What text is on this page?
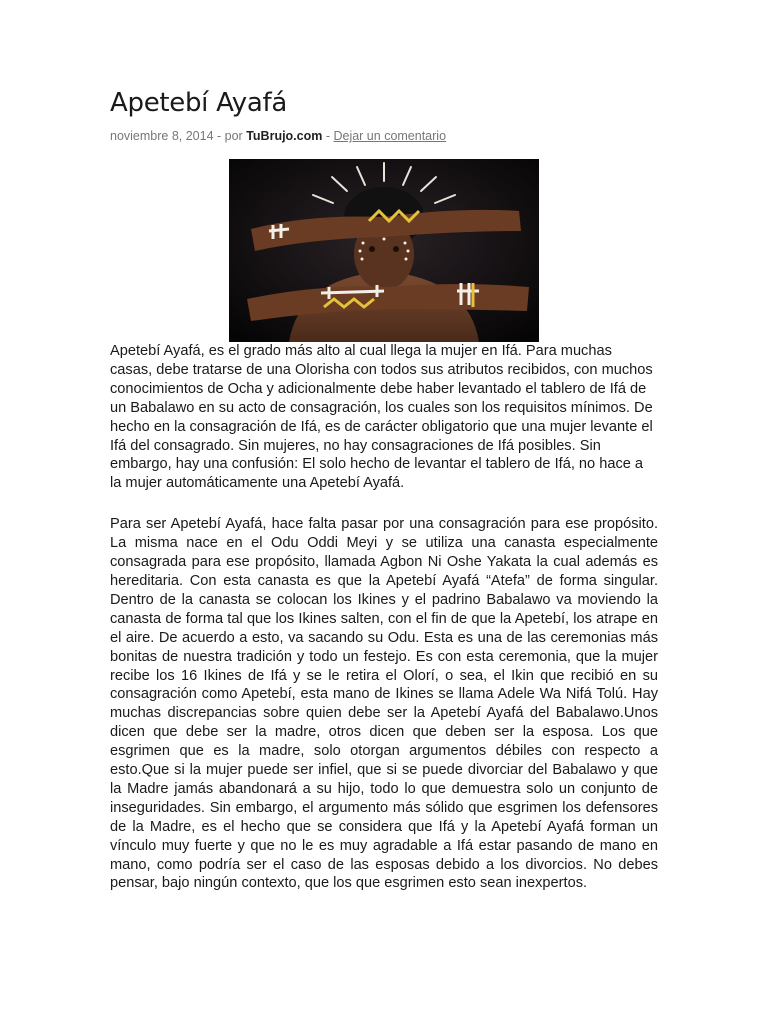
Apetebí Ayafá
noviembre 8, 2014 - por TuBrujo.com - Dejar un comentario

Apetebí Ayafá, es el grado más alto al cual llega la mujer en Ifá. Para muchas casas, debe tratarse de una Olorisha con todos sus atributos recibidos, con muchos conocimientos de Ocha y adicionalmente debe haber levantado el tablero de Ifá de un Babalawo en su acto de consagración, los cuales son los requisitos mínimos. De hecho en la consagración de Ifá, es de carácter obligatorio que una mujer levante el Ifá del consagrado. Sin mujeres, no hay consagraciones de Ifá posibles. Sin embargo, hay una confusión: El solo hecho de levantar el tablero de Ifá, no hace a la mujer automáticamente una Apetebí Ayafá.

Para ser Apetebí Ayafá, hace falta pasar por una consagración para ese propósito. La misma nace en el Odu Oddi Meyi y se utiliza una canasta especialmente consagrada para ese propósito, llamada Agbon Ni Oshe Yakata la cual además es hereditaria. Con esta canasta es que la Apetebí Ayafá “Atefa” de forma singular. Dentro de la canasta se colocan los Ikines y el padrino Babalawo va moviendo la canasta de forma tal que los Ikines salten, con el fin de que la Apetebí, los atrape en el aire. De acuerdo a esto, va sacando su Odu. Esta es una de las ceremonias más bonitas de nuestra tradición y todo un festejo. Es con esta ceremonia, que la mujer recibe los 16 Ikines de Ifá y se le retira el Olorí, o sea, el Ikin que recibió en su consagración como Apetebí, esta mano de Ikines se llama Adele Wa Nifá Tolú. Hay muchas discrepancias sobre quien debe ser la Apetebí Ayafá del Babalawo.Unos dicen que debe ser la madre, otros dicen que deben ser la esposa. Los que esgrimen que es la madre, solo otorgan argumentos débiles con respecto a esto.Que si la mujer puede ser infiel, que si se puede divorciar del Babalawo y que la Madre jamás abandonará a su hijo, todo lo que demuestra solo un conjunto de inseguridades. Sin embargo, el argumento más sólido que esgrimen los defensores de la Madre, es el hecho que se considera que Ifá y la Apetebí Ayafá forman un vínculo muy fuerte y que no le es muy agradable a Ifá estar pasando de mano en mano, como podría ser el caso de las esposas debido a los divorcios. No debes pensar, bajo ningún contexto, que los que esgrimen esto sean inexpertos.
